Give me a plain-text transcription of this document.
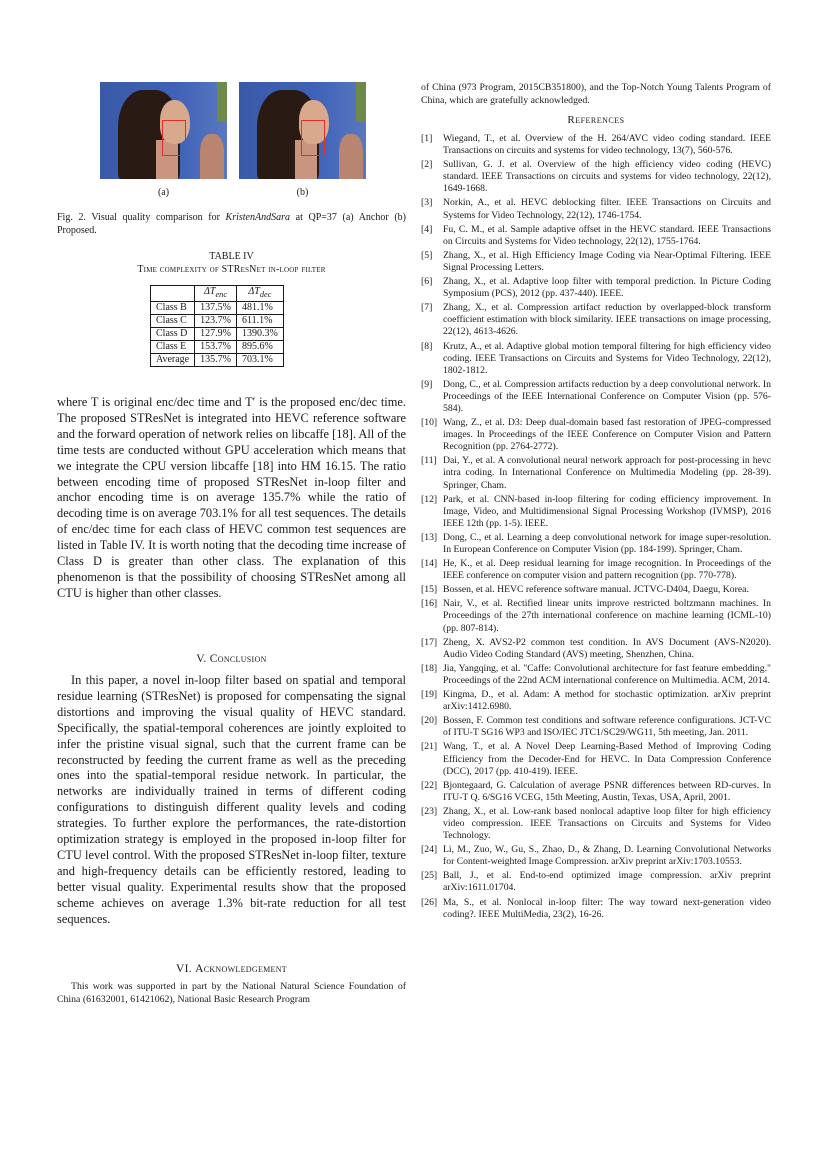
(a)	(b)
Fig. 2. Visual quality comparison for KristenAndSara at QP=37 (a) Anchor (b) Proposed.
TABLE IV
Time complexity of STResNet in-loop filter
	$\Delta T_{enc}$	$\Delta T_{dec}$
Class B	137.5%	481.1%
Class C	123.7%	611.1%
Class D	127.9%	1390.3%
Class E	153.7%	895.6%
Average	135.7%	703.1%
where T is original enc/dec time and T′ is the proposed enc/dec time. The proposed STResNet is integrated into HEVC reference software and the forward operation of network relies on libcaffe [18]. All of the time tests are conducted without GPU acceleration which means that we integrate the CPU version libcaffe [18] into HM 16.15. The ratio between encoding time of proposed STResNet in-loop filter and anchor encoding time is on average 135.7% while the ratio of decoding time is on average 703.1% for all test sequences. The details of enc/dec time for each class of HEVC common test sequences are listed in Table IV. It is worth noting that the decoding time increase of Class D is greater than other class. The explanation of this phenomenon is that the possibility of choosing STResNet among all CTU is higher than other classes.
V. Conclusion
In this paper, a novel in-loop filter based on spatial and temporal residue learning (STResNet) is proposed for compensating the signal distortions and improving the visual quality of HEVC standard. Specifically, the spatial-temporal coherences are jointly exploited to infer the pristine visual signal, such that the current frame can be reconstructed by feeding the current frame as well as the preceding ones into the spatial-temporal residue network. In particular, the networks are individually trained in terms of different coding configurations to distinguish different quality levels and coding strategies. To further explore the performances, the rate-distortion optimization strategy is employed in the proposed in-loop filter for CTU level control. With the proposed STResNet in-loop filter, texture and high-frequency details can be efficiently restored, leading to better visual quality. Experimental results show that the proposed scheme achieves on average 1.3% bit-rate reduction for all test sequences.
VI. Acknowledgement
This work was supported in part by the National Natural Science Foundation of China (61632001, 61421062), National Basic Research Program
of China (973 Program, 2015CB351800), and the Top-Notch Young Talents Program of China, which are gratefully acknowledged.
References
[1]	Wiegand, T., et al. Overview of the H. 264/AVC video coding standard. IEEE Transactions on circuits and systems for video technology, 13(7), 560-576.
[2]	Sullivan, G. J. et al. Overview of the high efficiency video coding (HEVC) standard. IEEE Transactions on circuits and systems for video technology, 22(12), 1649-1668.
[3]	Norkin, A., et al. HEVC deblocking filter. IEEE Transactions on Circuits and Systems for Video Technology, 22(12), 1746-1754.
[4]	Fu, C. M., et al. Sample adaptive offset in the HEVC standard. IEEE Transactions on Circuits and Systems for Video technology, 22(12), 1755-1764.
[5]	Zhang, X., et al. High Efficiency Image Coding via Near-Optimal Filtering. IEEE Signal Processing Letters.
[6]	Zhang, X., et al. Adaptive loop filter with temporal prediction. In Picture Coding Symposium (PCS), 2012 (pp. 437-440). IEEE.
[7]	Zhang, X., et al. Compression artifact reduction by overlapped-block transform coefficient estimation with block similarity. IEEE transactions on image processing, 22(12), 4613-4626.
[8]	Krutz, A., et al. Adaptive global motion temporal filtering for high efficiency video coding. IEEE Transactions on Circuits and Systems for Video Technology, 22(12), 1802-1812.
[9]	Dong, C., et al. Compression artifacts reduction by a deep convolutional network. In Proceedings of the IEEE International Conference on Computer Vision (pp. 576-584).
[10] Wang, Z., et al. D3: Deep dual-domain based fast restoration of JPEG-compressed images. In Proceedings of the IEEE Conference on Computer Vision and Pattern Recognition (pp. 2764-2772).
[11] Dai, Y., et al. A convolutional neural network approach for post-processing in hevc intra coding. In International Conference on Multimedia Modeling (pp. 28-39). Springer, Cham.
[12] Park, et al. CNN-based in-loop filtering for coding efficiency improvement. In Image, Video, and Multidimensional Signal Processing Workshop (IVMSP), 2016 IEEE 12th (pp. 1-5). IEEE.
[13] Dong, C., et al. Learning a deep convolutional network for image super-resolution. In European Conference on Computer Vision (pp. 184-199). Springer, Cham.
[14] He, K., et al. Deep residual learning for image recognition. In Proceedings of the IEEE conference on computer vision and pattern recognition (pp. 770-778).
[15] Bossen, et al. HEVC reference software manual. JCTVC-D404, Daegu, Korea.
[16] Nair, V., et al. Rectified linear units improve restricted boltzmann machines. In Proceedings of the 27th international conference on machine learning (ICML-10) (pp. 807-814).
[17] Zheng, X. AVS2-P2 common test condition. In AVS Document (AVS-N2020). Audio Video Coding Standard (AVS) meeting, Shenzhen, China.
[18] Jia, Yangqing, et al. "Caffe: Convolutional architecture for fast feature embedding." Proceedings of the 22nd ACM international conference on Multimedia. ACM, 2014.
[19] Kingma, D., et al. Adam: A method for stochastic optimization. arXiv preprint arXiv:1412.6980.
[20] Bossen, F. Common test conditions and software reference configurations. JCT-VC of ITU-T SG16 WP3 and ISO/IEC JTC1/SC29/WG11, 5th meeting, Jan. 2011.
[21] Wang, T., et al. A Novel Deep Learning-Based Method of Improving Coding Efficiency from the Decoder-End for HEVC. In Data Compression Conference (DCC), 2017 (pp. 410-419). IEEE.
[22] Bjontegaard, G. Calculation of average PSNR differences between RD-curves. In ITU-T Q. 6/SG16 VCEG, 15th Meeting, Austin, Texas, USA, April, 2001.
[23] Zhang, X., et al. Low-rank based nonlocal adaptive loop filter for high efficiency video compression. IEEE Transactions on Circuits and Systems for Video Technology.
[24] Li, M., Zuo, W., Gu, S., Zhao, D., & Zhang, D. Learning Convolutional Networks for Content-weighted Image Compression. arXiv preprint arXiv:1703.10553.
[25] Ball, J., et al. End-to-end optimized image compression. arXiv preprint arXiv:1611.01704.
[26] Ma, S., et al. Nonlocal in-loop filter: The way toward next-generation video coding?. IEEE MultiMedia, 23(2), 16-26.
